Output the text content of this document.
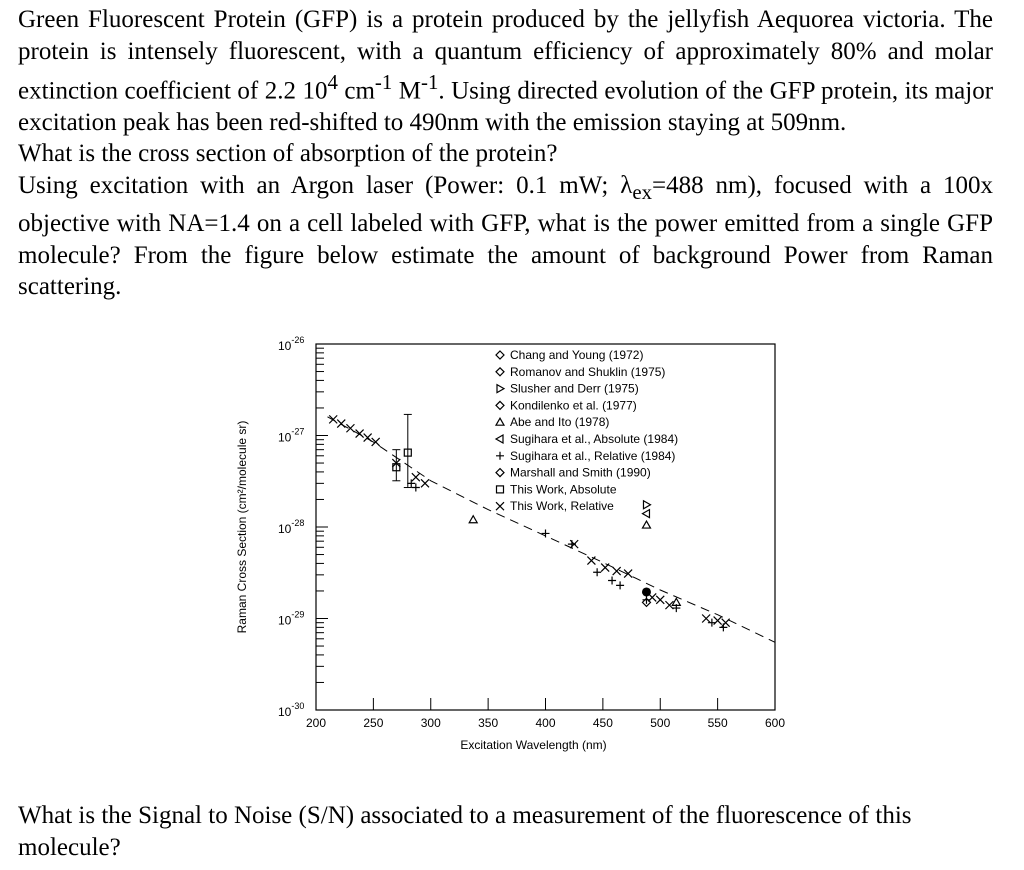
Green Fluorescent Protein (GFP) is a protein produced by the jellyfish Aequorea victoria. The protein is intensely fluorescent, with a quantum efficiency of approximately 80% and molar extinction coefficient of 2.2 $10^4$ $cm^{-1}$ $M^{-1}$. Using directed evolution of the GFP protein, its major excitation peak has been red-shifted to 490nm with the emission staying at 509nm.

What is the cross section of absorption of the protein?

Using excitation with an Argon laser (Power: 0.1 mW; $\lambda_{ex}=488$ nm), focused with a 100x objective with NA=1.4 on a cell labeled with GFP, what is the power emitted from a single GFP molecule? From the figure below estimate the amount of background Power from Raman scattering.

$10^{-26}$
$10^{-27}$
$10^{-28}$
$10^{-29}$
$10^{-30}$
200	250	300	350	400	450	500	550	600
Excitation Wavelength (nm)
Raman Cross Section (cm²/molecule sr)
Chang and Young (1972)
Romanov and Shuklin (1975)
Slusher and Derr (1975)
Kondilenko et al. (1977)
Abe and Ito (1978)
Sugihara et al., Absolute (1984)
Sugihara et al., Relative (1984)
Marshall and Smith (1990)
This Work, Absolute
This Work, Relative

What is the Signal to Noise (S/N) associated to a measurement of the fluorescence of this molecule?
